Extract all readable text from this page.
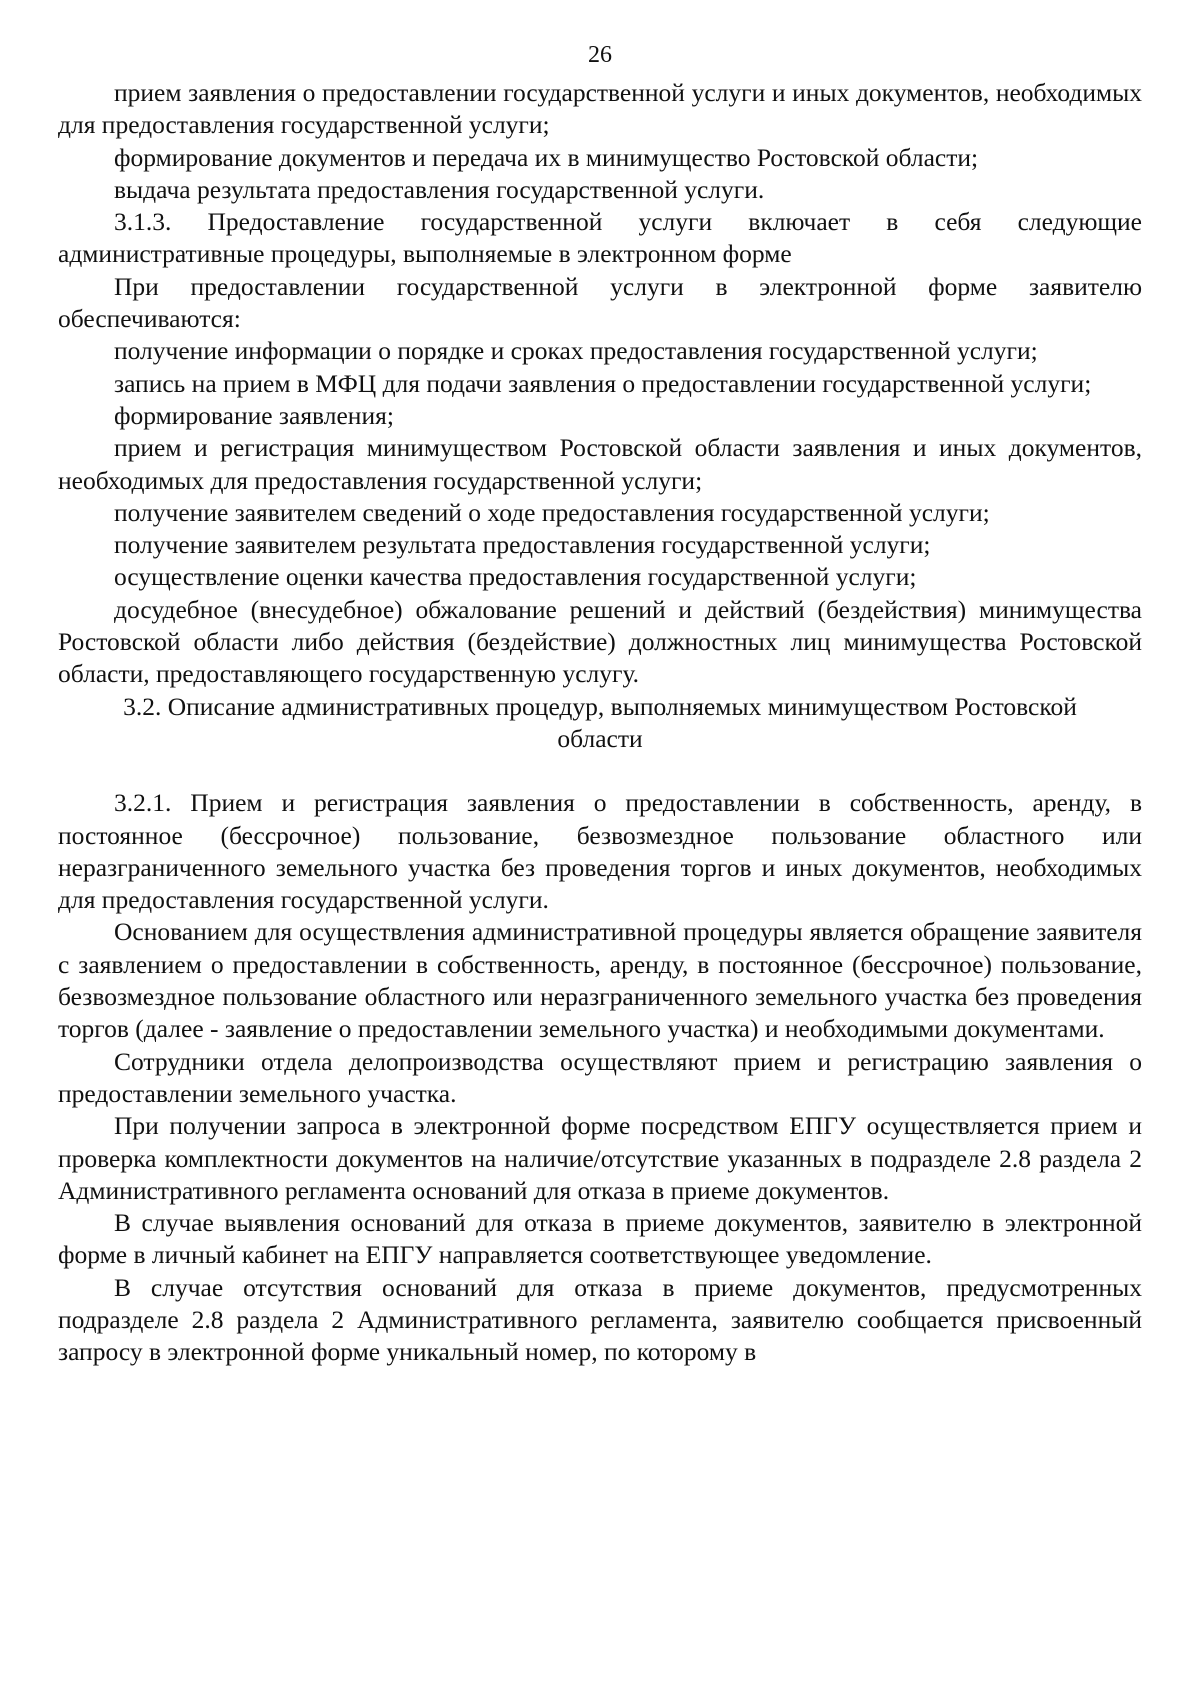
26

прием заявления о предоставлении государственной услуги и иных документов, необходимых для предоставления государственной услуги;

формирование документов и передача их в минимущество Ростовской области;

выдача результата предоставления государственной услуги.

3.1.3. Предоставление государственной услуги включает в себя следующие административные процедуры, выполняемые в электронном форме

При предоставлении государственной услуги в электронной форме заявителю обеспечиваются:

получение информации о порядке и сроках предоставления государственной услуги;

запись на прием в МФЦ для подачи заявления о предоставлении государственной услуги;

формирование заявления;

прием и регистрация минимуществом Ростовской области заявления и иных документов, необходимых для предоставления государственной услуги;

получение заявителем сведений о ходе предоставления государственной услуги;

получение заявителем результата предоставления государственной услуги;

осуществление оценки качества предоставления государственной услуги;

досудебное (внесудебное) обжалование решений и действий (бездействия) минимущества Ростовской области либо действия (бездействие) должностных лиц минимущества Ростовской области, предоставляющего государственную услугу.

3.2. Описание административных процедур, выполняемых минимуществом Ростовской области

3.2.1. Прием и регистрация заявления о предоставлении в собственность, аренду, в постоянное (бессрочное) пользование, безвозмездное пользование областного или неразграниченного земельного участка без проведения торгов и иных документов, необходимых для предоставления государственной услуги.

Основанием для осуществления административной процедуры является обращение заявителя с заявлением о предоставлении в собственность, аренду, в постоянное (бессрочное) пользование, безвозмездное пользование областного или неразграниченного земельного участка без проведения торгов (далее - заявление о предоставлении земельного участка) и необходимыми документами.

Сотрудники отдела делопроизводства осуществляют прием и регистрацию заявления о предоставлении земельного участка.

При получении запроса в электронной форме посредством ЕПГУ осуществляется прием и проверка комплектности документов на наличие/отсутствие указанных в подразделе 2.8 раздела 2 Административного регламента оснований для отказа в приеме документов.

В случае выявления оснований для отказа в приеме документов, заявителю в электронной форме в личный кабинет на ЕПГУ направляется соответствующее уведомление.

В случае отсутствия оснований для отказа в приеме документов, предусмотренных подразделе 2.8 раздела 2 Административного регламента, заявителю сообщается присвоенный запросу в электронной форме уникальный номер, по которому в
